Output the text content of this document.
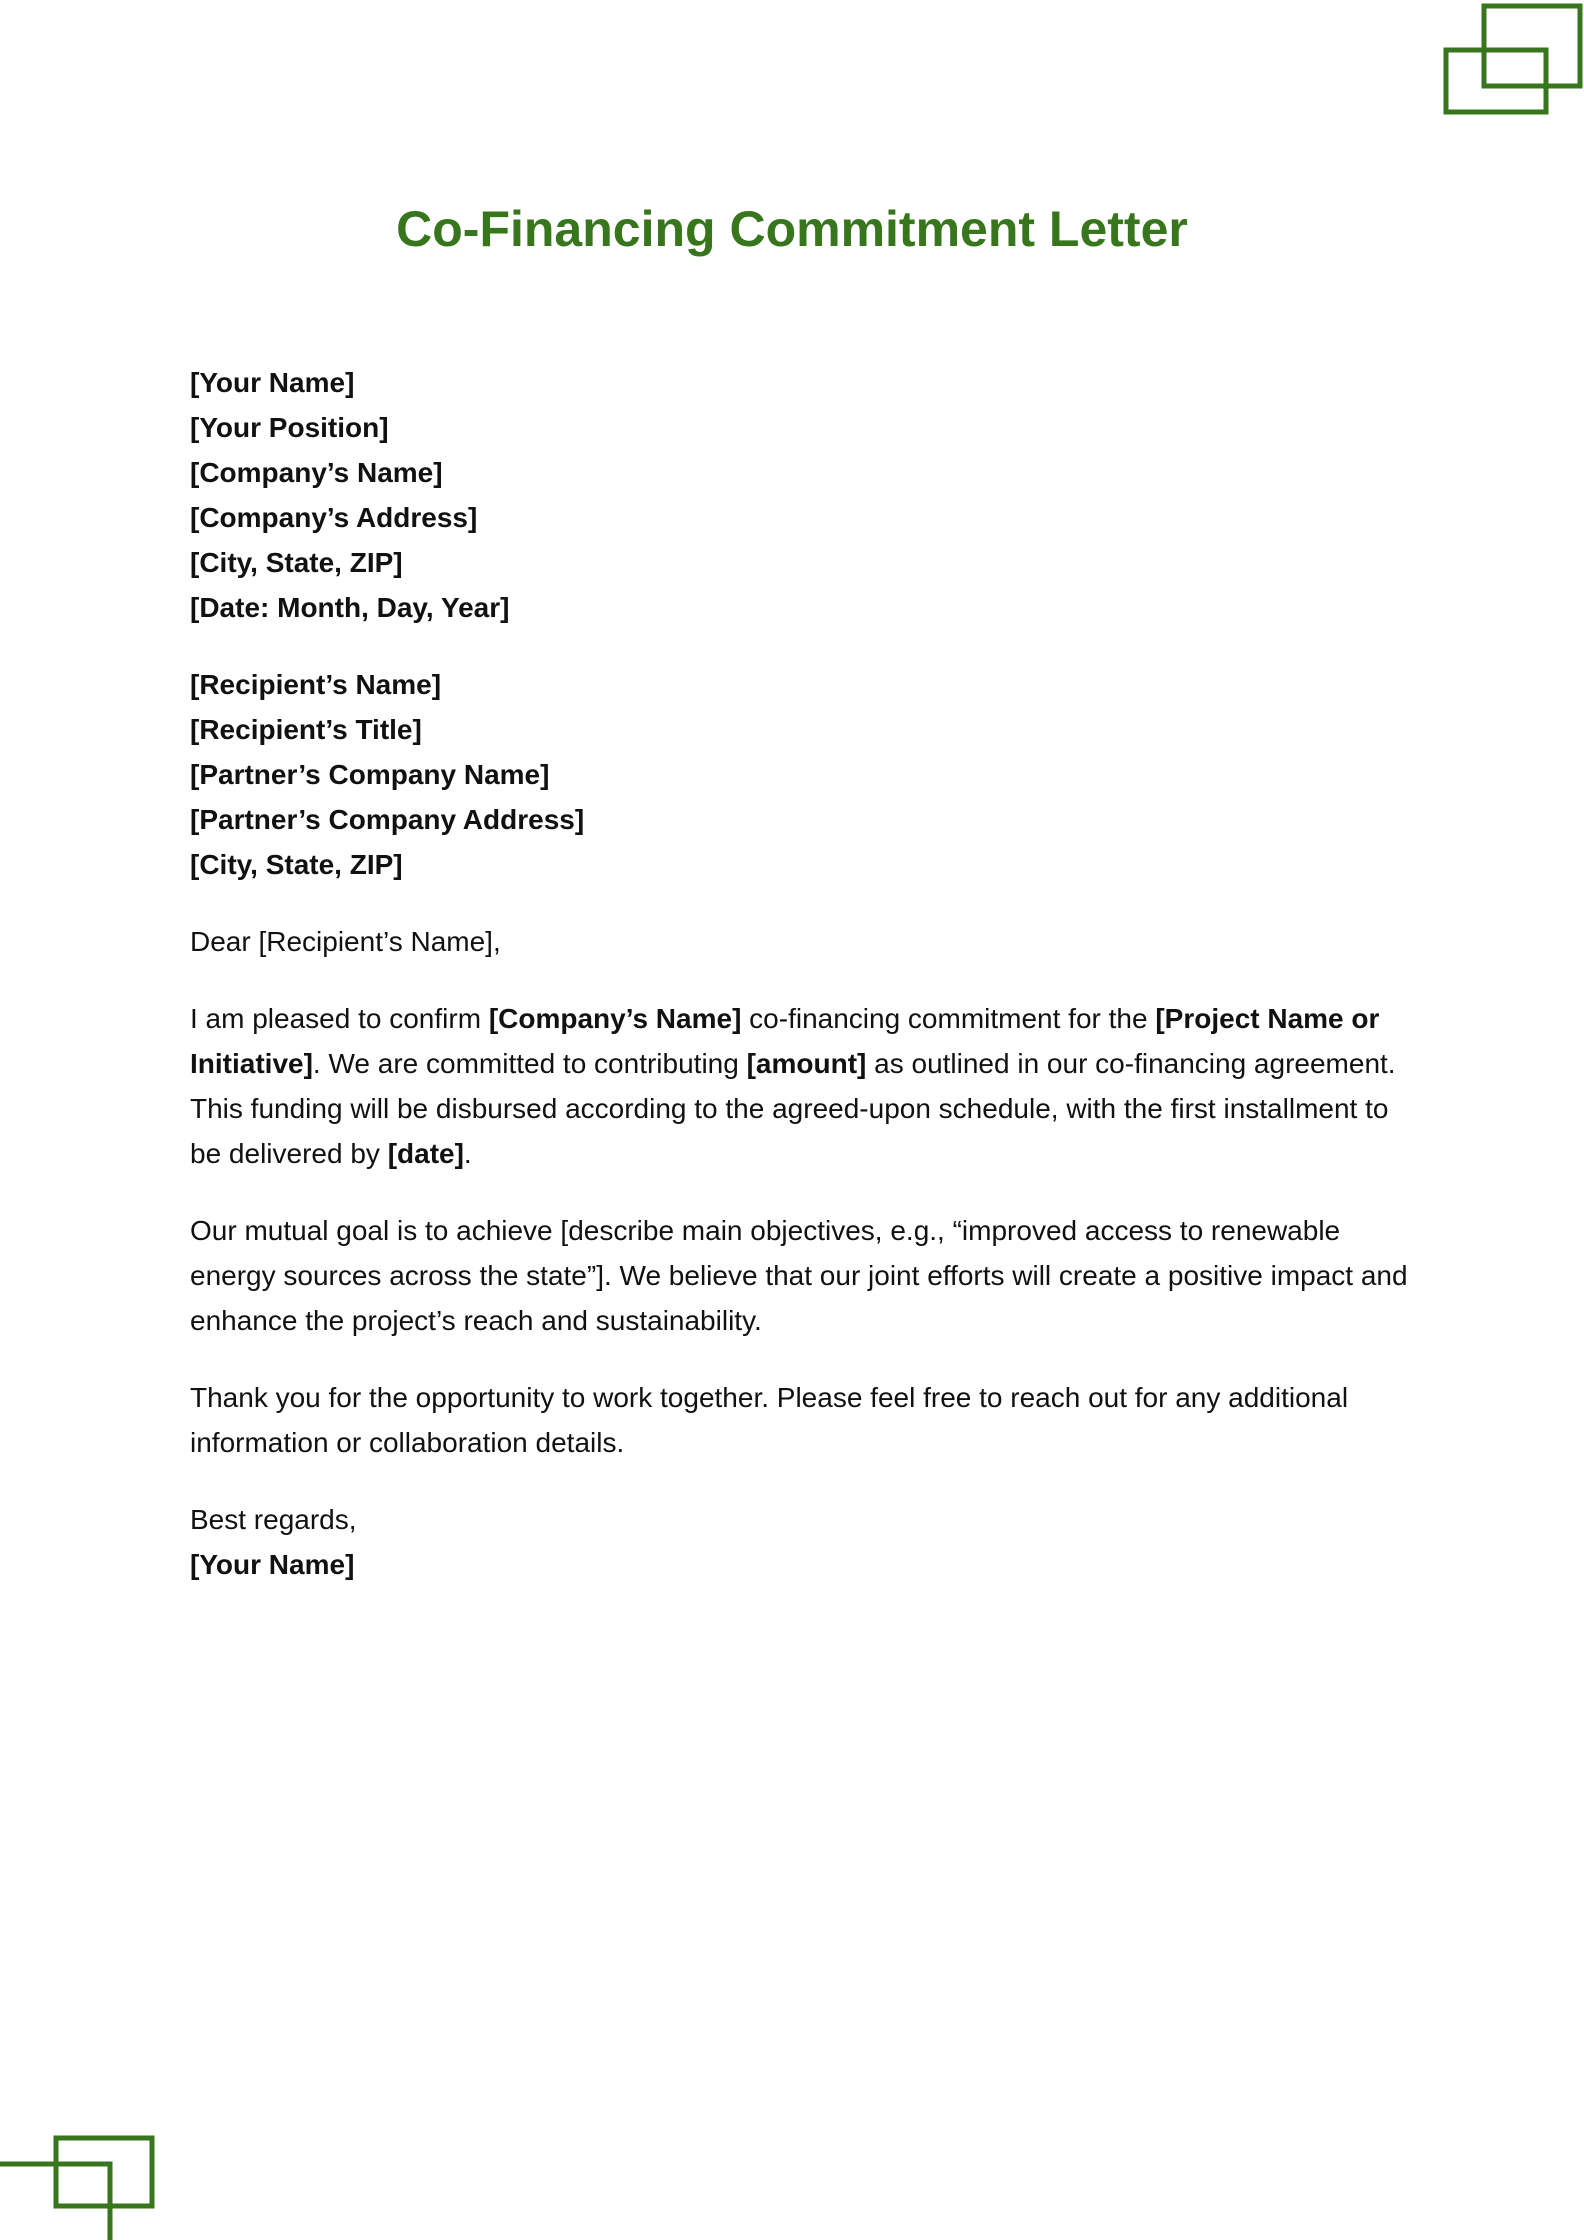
Co-Financing Commitment Letter
[Your Name]
[Your Position]
[Company’s Name]
[Company’s Address]
[City, State, ZIP]
[Date: Month, Day, Year]
[Recipient’s Name]
[Recipient’s Title]
[Partner’s Company Name]
[Partner’s Company Address]
[City, State, ZIP]

Dear [Recipient’s Name],

I am pleased to confirm [Company’s Name] co-financing commitment for the [Project Name or Initiative]. We are committed to contributing [amount] as outlined in our co-financing agreement. This funding will be disbursed according to the agreed-upon schedule, with the first installment to be delivered by [date].

Our mutual goal is to achieve [describe main objectives, e.g., “improved access to renewable energy sources across the state”]. We believe that our joint efforts will create a positive impact and enhance the project’s reach and sustainability.

Thank you for the opportunity to work together. Please feel free to reach out for any additional information or collaboration details.

Best regards,
[Your Name]
